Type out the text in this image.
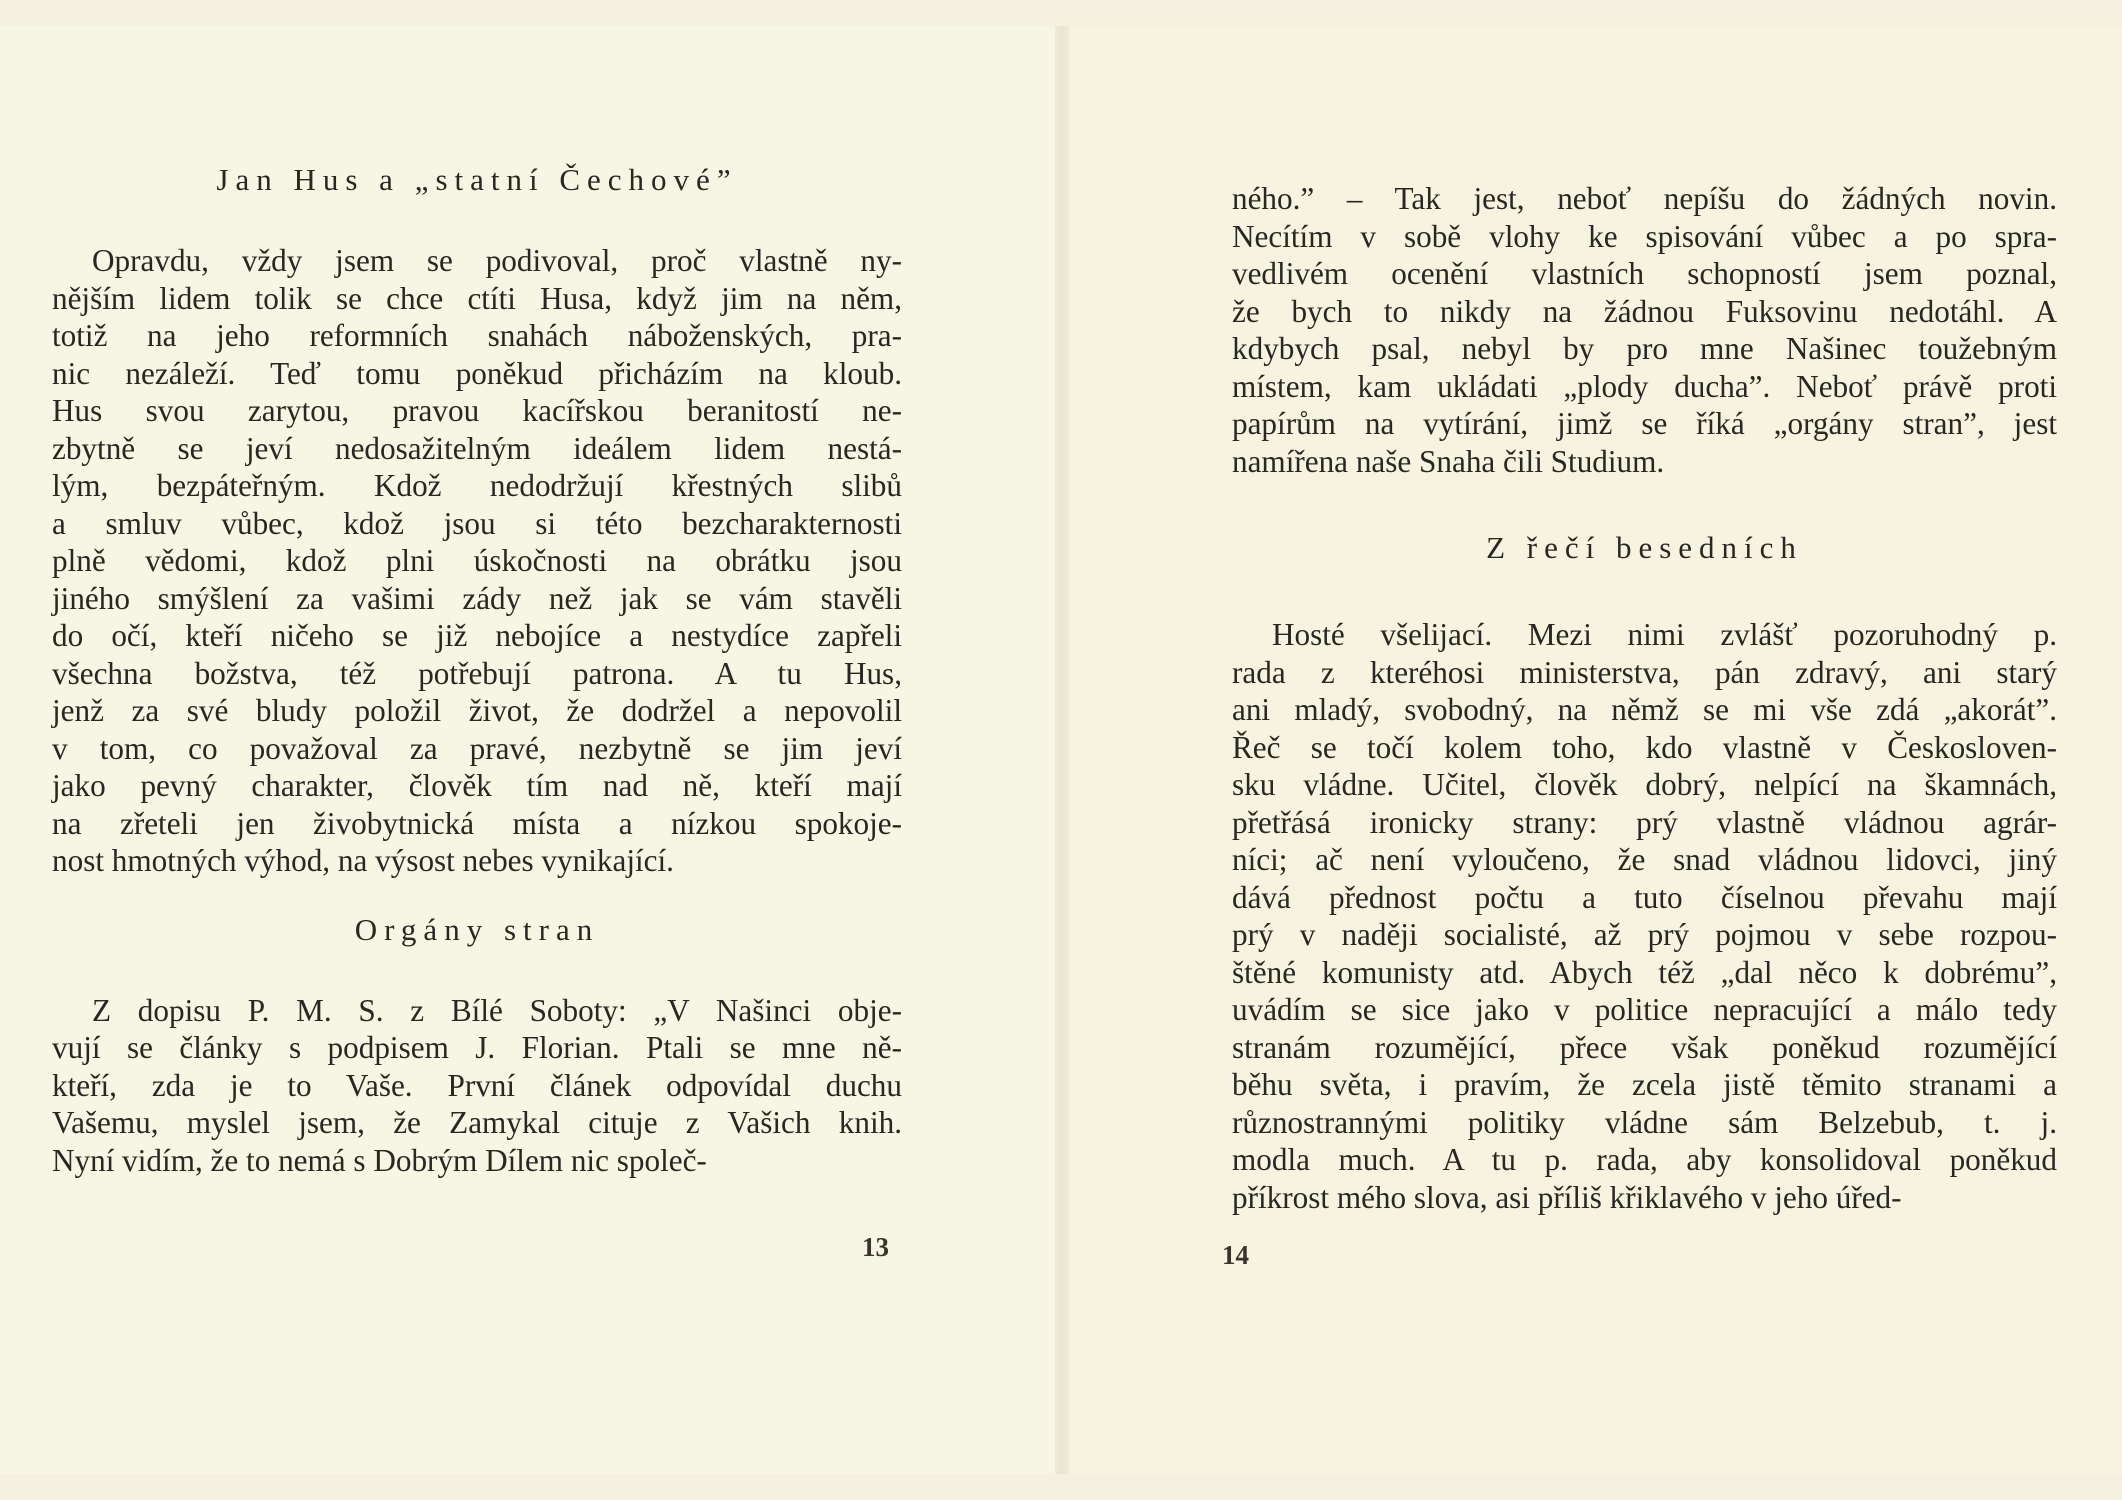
Jan Hus a „statní Čechové”

Opravdu, vždy jsem se podivoval, proč vlastně ny-
nějším lidem tolik se chce ctíti Husa, když jim na něm,
totiž na jeho reformních snahách náboženských, pra-
nic nezáleží. Teď tomu poněkud přicházím na kloub.
Hus svou zarytou, pravou kacířskou beranitostí ne-
zbytně se jeví nedosažitelným ideálem lidem nestá-
lým, bezpáteřným. Kdož nedodržují křestných slibů
a smluv vůbec, kdož jsou si této bezcharakternosti
plně vědomi, kdož plni úskočnosti na obrátku jsou
jiného smýšlení za vašimi zády než jak se vám stavěli
do očí, kteří ničeho se již nebojíce a nestydíce zapřeli
všechna božstva, též potřebují patrona. A tu Hus,
jenž za své bludy položil život, že dodržel a nepovolil
v tom, co považoval za pravé, nezbytně se jim jeví
jako pevný charakter, člověk tím nad ně, kteří mají
na zřeteli jen živobytnická místa a nízkou spokoje-
nost hmotných výhod, na výsost nebes vynikající.

Orgány stran

Z dopisu P. M. S. z Bílé Soboty: „V Našinci obje-
vují se články s podpisem J. Florian. Ptali se mne ně-
kteří, zda je to Vaše. První článek odpovídal duchu
Vašemu, myslel jsem, že Zamykal cituje z Vašich knih.
Nyní vidím, že to nemá s Dobrým Dílem nic společ-

13

ného.” – Tak jest, neboť nepíšu do žádných novin.
Necítím v sobě vlohy ke spisování vůbec a po spra-
vedlivém ocenění vlastních schopností jsem poznal,
že bych to nikdy na žádnou Fuksovinu nedotáhl. A
kdybych psal, nebyl by pro mne Našinec toužebným
místem, kam ukládati „plody ducha”. Neboť právě proti
papírům na vytírání, jimž se říká „orgány stran”, jest
namířena naše Snaha čili Studium.

Z řečí besedních

Hosté všelijací. Mezi nimi zvlášť pozoruhodný p.
rada z kteréhosi ministerstva, pán zdravý, ani starý
ani mladý, svobodný, na němž se mi vše zdá „akorát”.
Řeč se točí kolem toho, kdo vlastně v Českosloven-
sku vládne. Učitel, člověk dobrý, nelpící na škamnách,
přetřásá ironicky strany: prý vlastně vládnou agrár-
níci; ač není vyloučeno, že snad vládnou lidovci, jiný
dává přednost počtu a tuto číselnou převahu mají
prý v naději socialisté, až prý pojmou v sebe rozpou-
štěné komunisty atd. Abych též „dal něco k dobrému”,
uvádím se sice jako v politice nepracující a málo tedy
stranám rozumějící, přece však poněkud rozumějící
běhu světa, i pravím, že zcela jistě těmito stranami a
různostrannými politiky vládne sám Belzebub, t. j.
modla much. A tu p. rada, aby konsolidoval poněkud
příkrost mého slova, asi příliš křiklavého v jeho úřed-

14
